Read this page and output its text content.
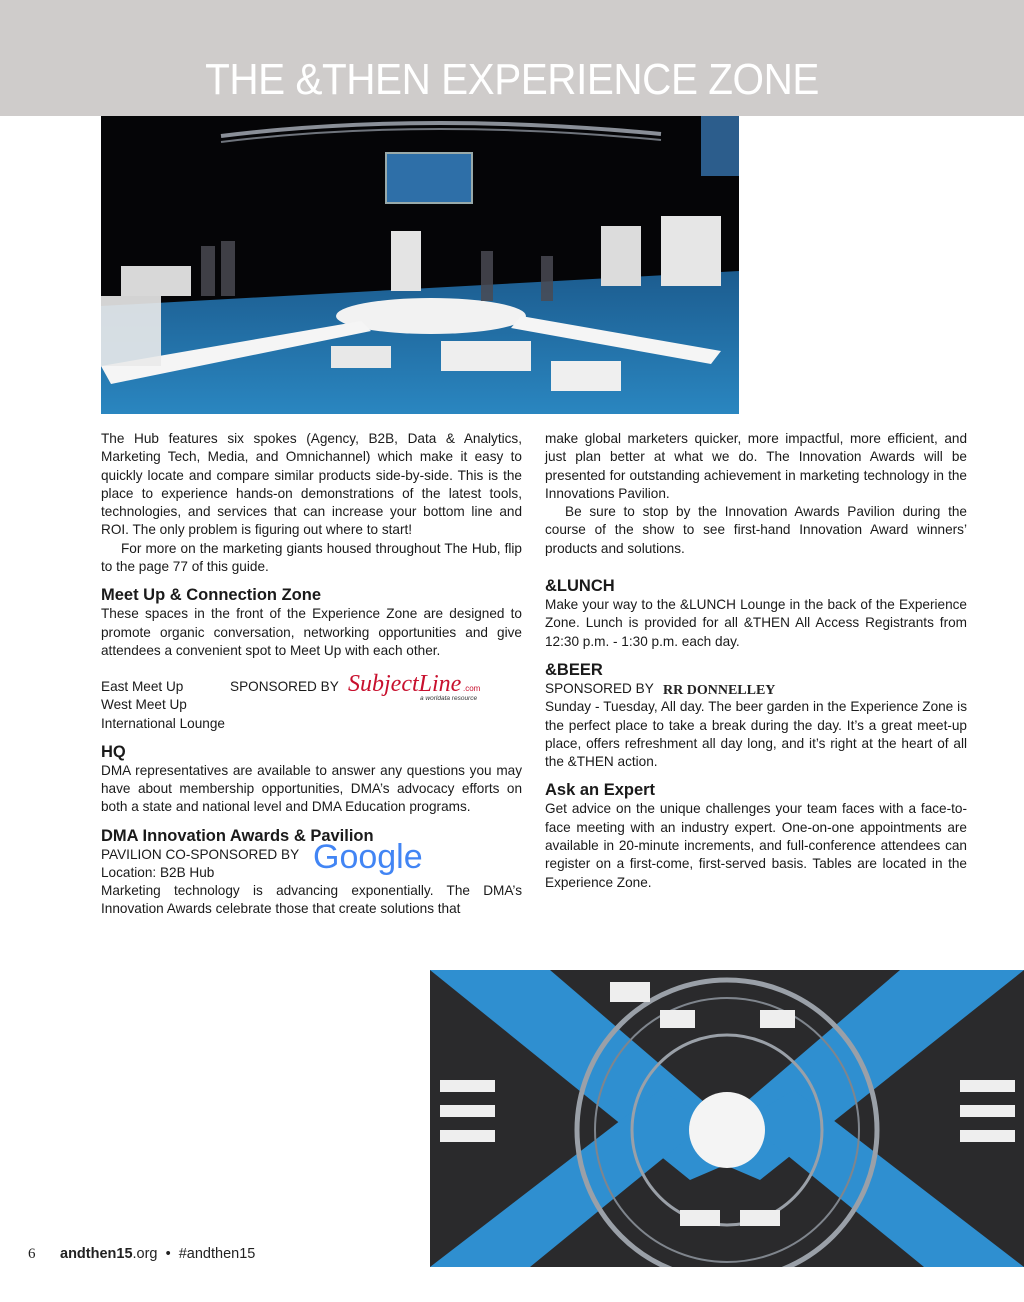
THE &THEN EXPERIENCE ZONE

The Hub features six spokes (Agency, B2B, Data & Analytics, Marketing Tech, Media, and Omnichannel) which make it easy to quickly locate and compare similar products side-by-side. This is the place to experience hands-on demonstrations of the latest tools, technologies, and services that can increase your bottom line and ROI. The only problem is figuring out where to start!

For more on the marketing giants housed throughout The Hub, flip to the page 77 of this guide.

Meet Up & Connection Zone

These spaces in the front of the Experience Zone are designed to promote organic conversation, networking opportunities and give attendees a convenient spot to Meet Up with each other.

East Meet Up	SPONSORED BY SubjectLine .com
a worldata resource
West Meet Up
International Lounge
HQ

DMA representatives are available to answer any questions you may have about membership opportunities, DMA’s advocacy efforts on both a state and national level and DMA Education programs.

DMA Innovation Awards & Pavilion
PAVILION CO-SPONSORED BY Google
Location: B2B Hub

Marketing technology is advancing exponentially. The DMA’s Innovation Awards celebrate those that create solutions that

make global marketers quicker, more impactful, more efficient, and just plan better at what we do. The Innovation Awards will be presented for outstanding achievement in marketing technology in the Innovations Pavilion.

Be sure to stop by the Innovation Awards Pavilion during the course of the show to see first-hand Innovation Award winners’ products and solutions.

&LUNCH

Make your way to the &LUNCH Lounge in the back of the Experience Zone. Lunch is provided for all &THEN All Access Registrants from 12:30 p.m. - 1:30 p.m. each day.

&BEER
SPONSORED BY RR DONNELLEY

Sunday - Tuesday, All day. The beer garden in the Experience Zone is the perfect place to take a break during the day. It’s a great meet-up place, offers refreshment all day long, and it’s right at the heart of all the &THEN action.

Ask an Expert

Get advice on the unique challenges your team faces with a face-to-face meeting with an industry expert. One-on-one appointments are available in 20-minute increments, and full-conference attendees can register on a first-come, first-served basis. Tables are located in the Experience Zone.

6 andthen15.org • #andthen15
